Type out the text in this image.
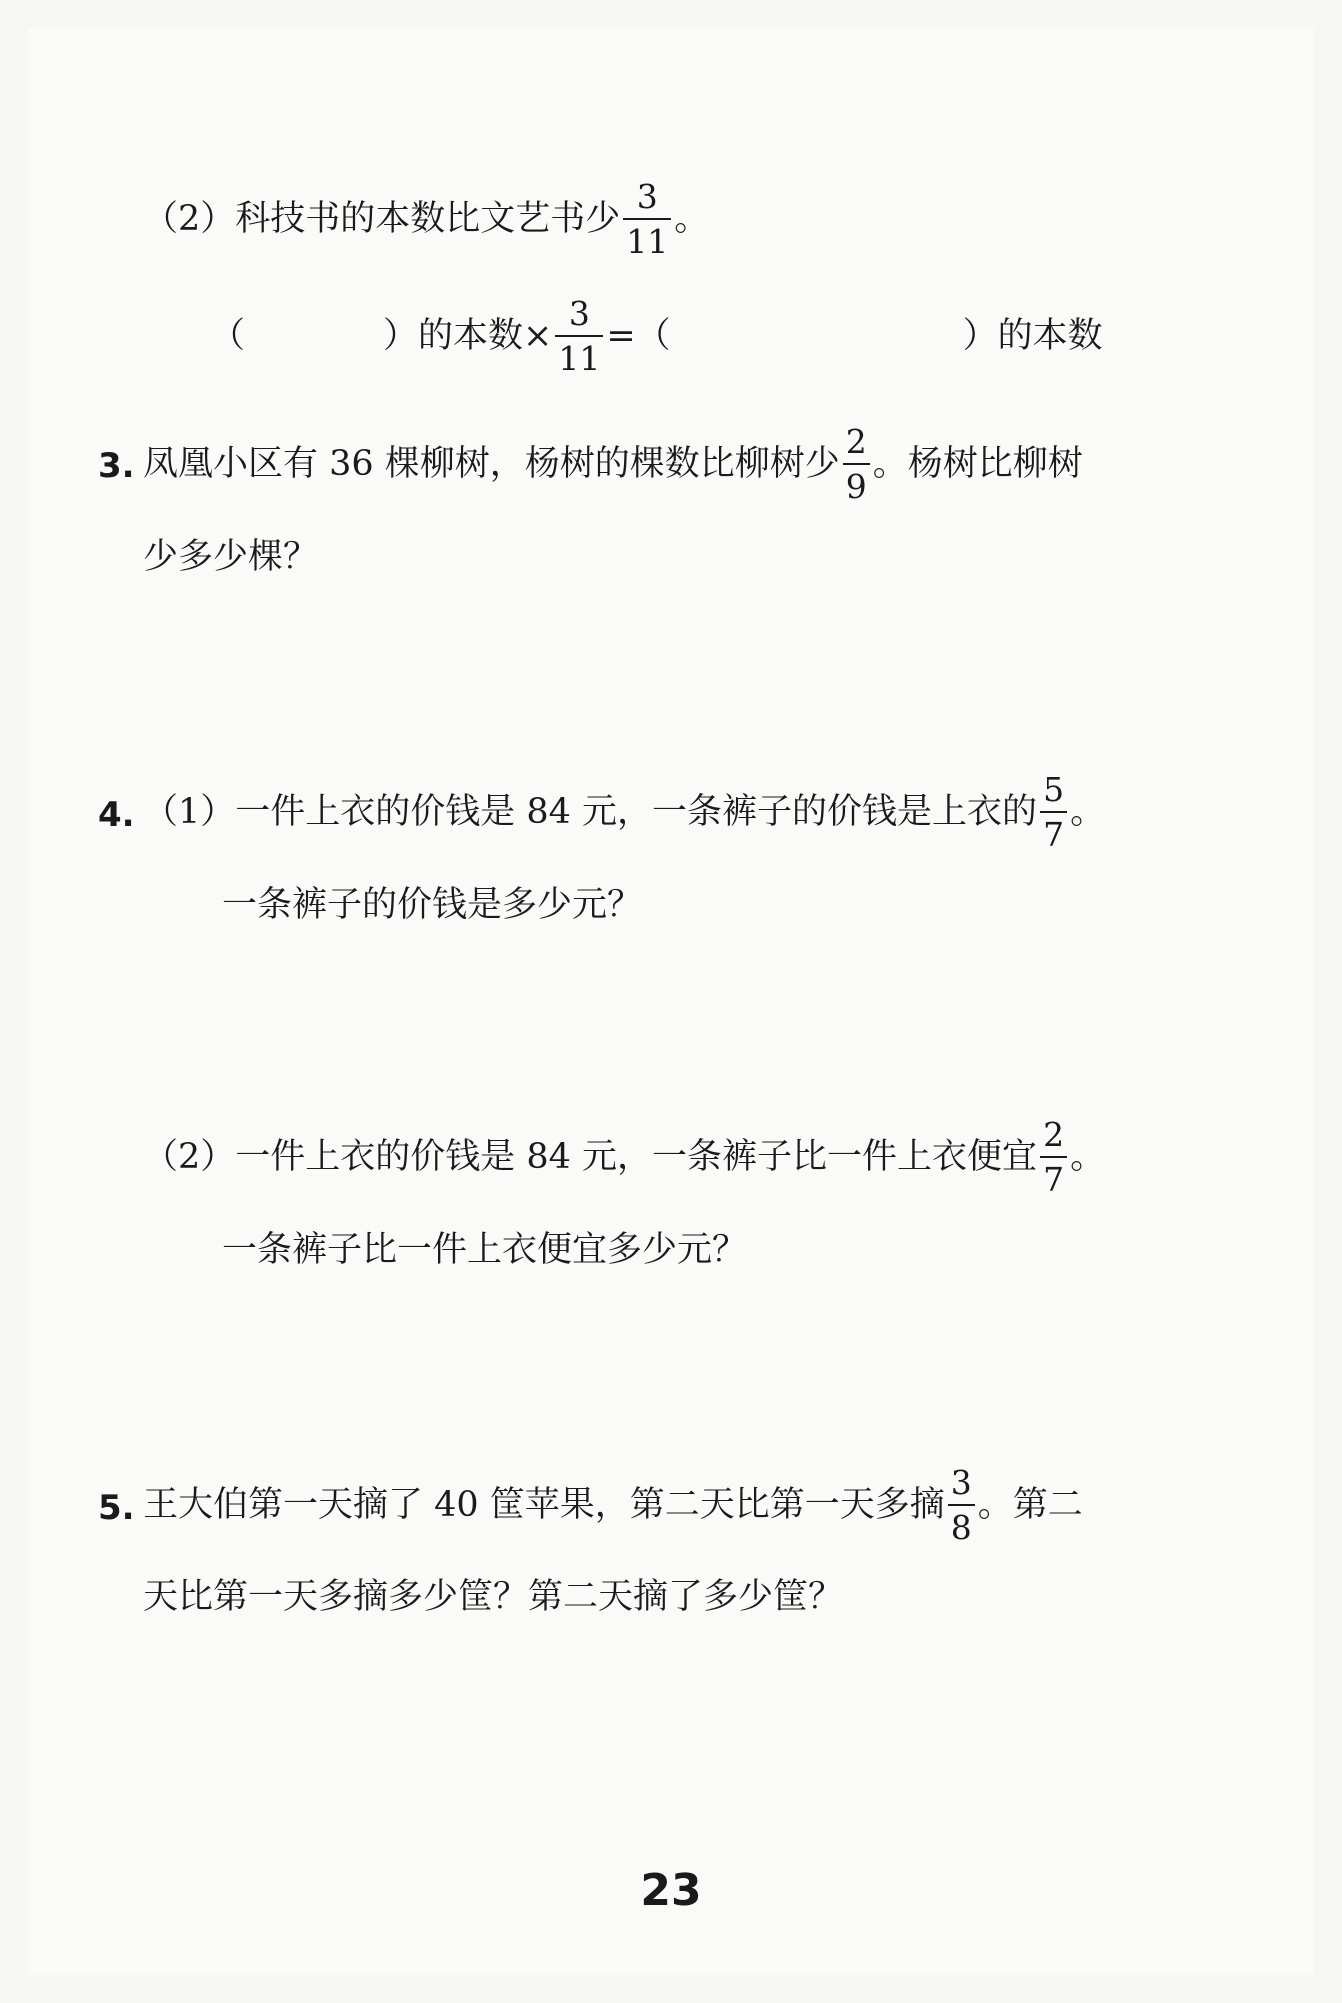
（2）科技书的本数比文艺书少 $\frac{3}{11}$ 。
（	）的本数× $\frac{3}{11}$ =（	）的本数
3. 凤凰小区有 36 棵柳树，杨树的棵数比柳树少 $\frac{2}{9}$ 。杨树比柳树
少多少棵？
4. （1）一件上衣的价钱是 84 元，一条裤子的价钱是上衣的 $\frac{5}{7}$ 。
一条裤子的价钱是多少元？
（2）一件上衣的价钱是 84 元，一条裤子比一件上衣便宜 $\frac{2}{7}$ 。
一条裤子比一件上衣便宜多少元？
5. 王大伯第一天摘了 40 筐苹果，第二天比第一天多摘 $\frac{3}{8}$ 。第二
天比第一天多摘多少筐？第二天摘了多少筐？
23
